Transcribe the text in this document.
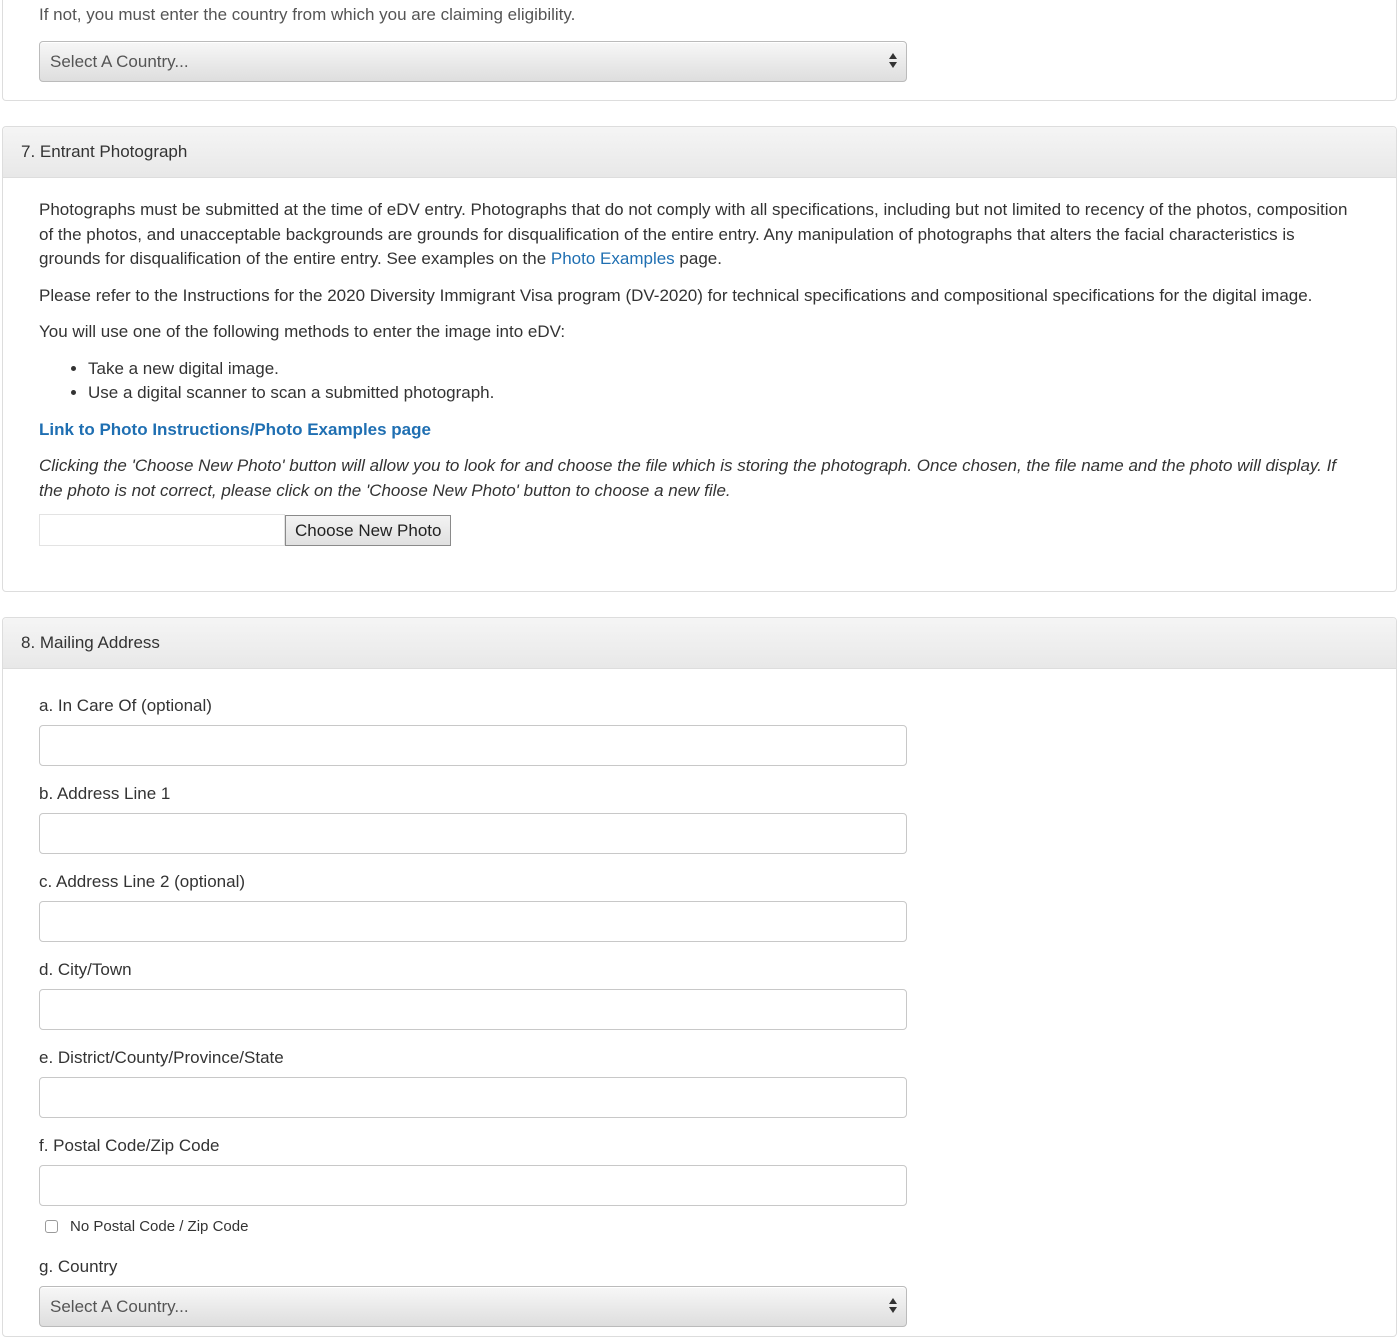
If not, you must enter the country from which you are claiming eligibility.

Select A Country...
7. Entrant Photograph

Photographs must be submitted at the time of eDV entry. Photographs that do not comply with all specifications, including but not limited to recency of the photos, composition of the photos, and unacceptable backgrounds are grounds for disqualification of the entire entry. Any manipulation of photographs that alters the facial characteristics is grounds for disqualification of the entire entry. See examples on the Photo Examples page.

Please refer to the Instructions for the 2020 Diversity Immigrant Visa program (DV-2020) for technical specifications and compositional specifications for the digital image.

You will use one of the following methods to enter the image into eDV:

• Take a new digital image.
• Use a digital scanner to scan a submitted photograph.

Link to Photo Instructions/Photo Examples page

Clicking the 'Choose New Photo' button will allow you to look for and choose the file which is storing the photograph. Once chosen, the file name and the photo will display. If the photo is not correct, please click on the 'Choose New Photo' button to choose a new file.

Choose New Photo
8. Mailing Address
a. In Care Of (optional)
b. Address Line 1
c. Address Line 2 (optional)
d. City/Town
e. District/County/Province/State
f. Postal Code/Zip Code
No Postal Code / Zip Code
g. Country
Select A Country...
